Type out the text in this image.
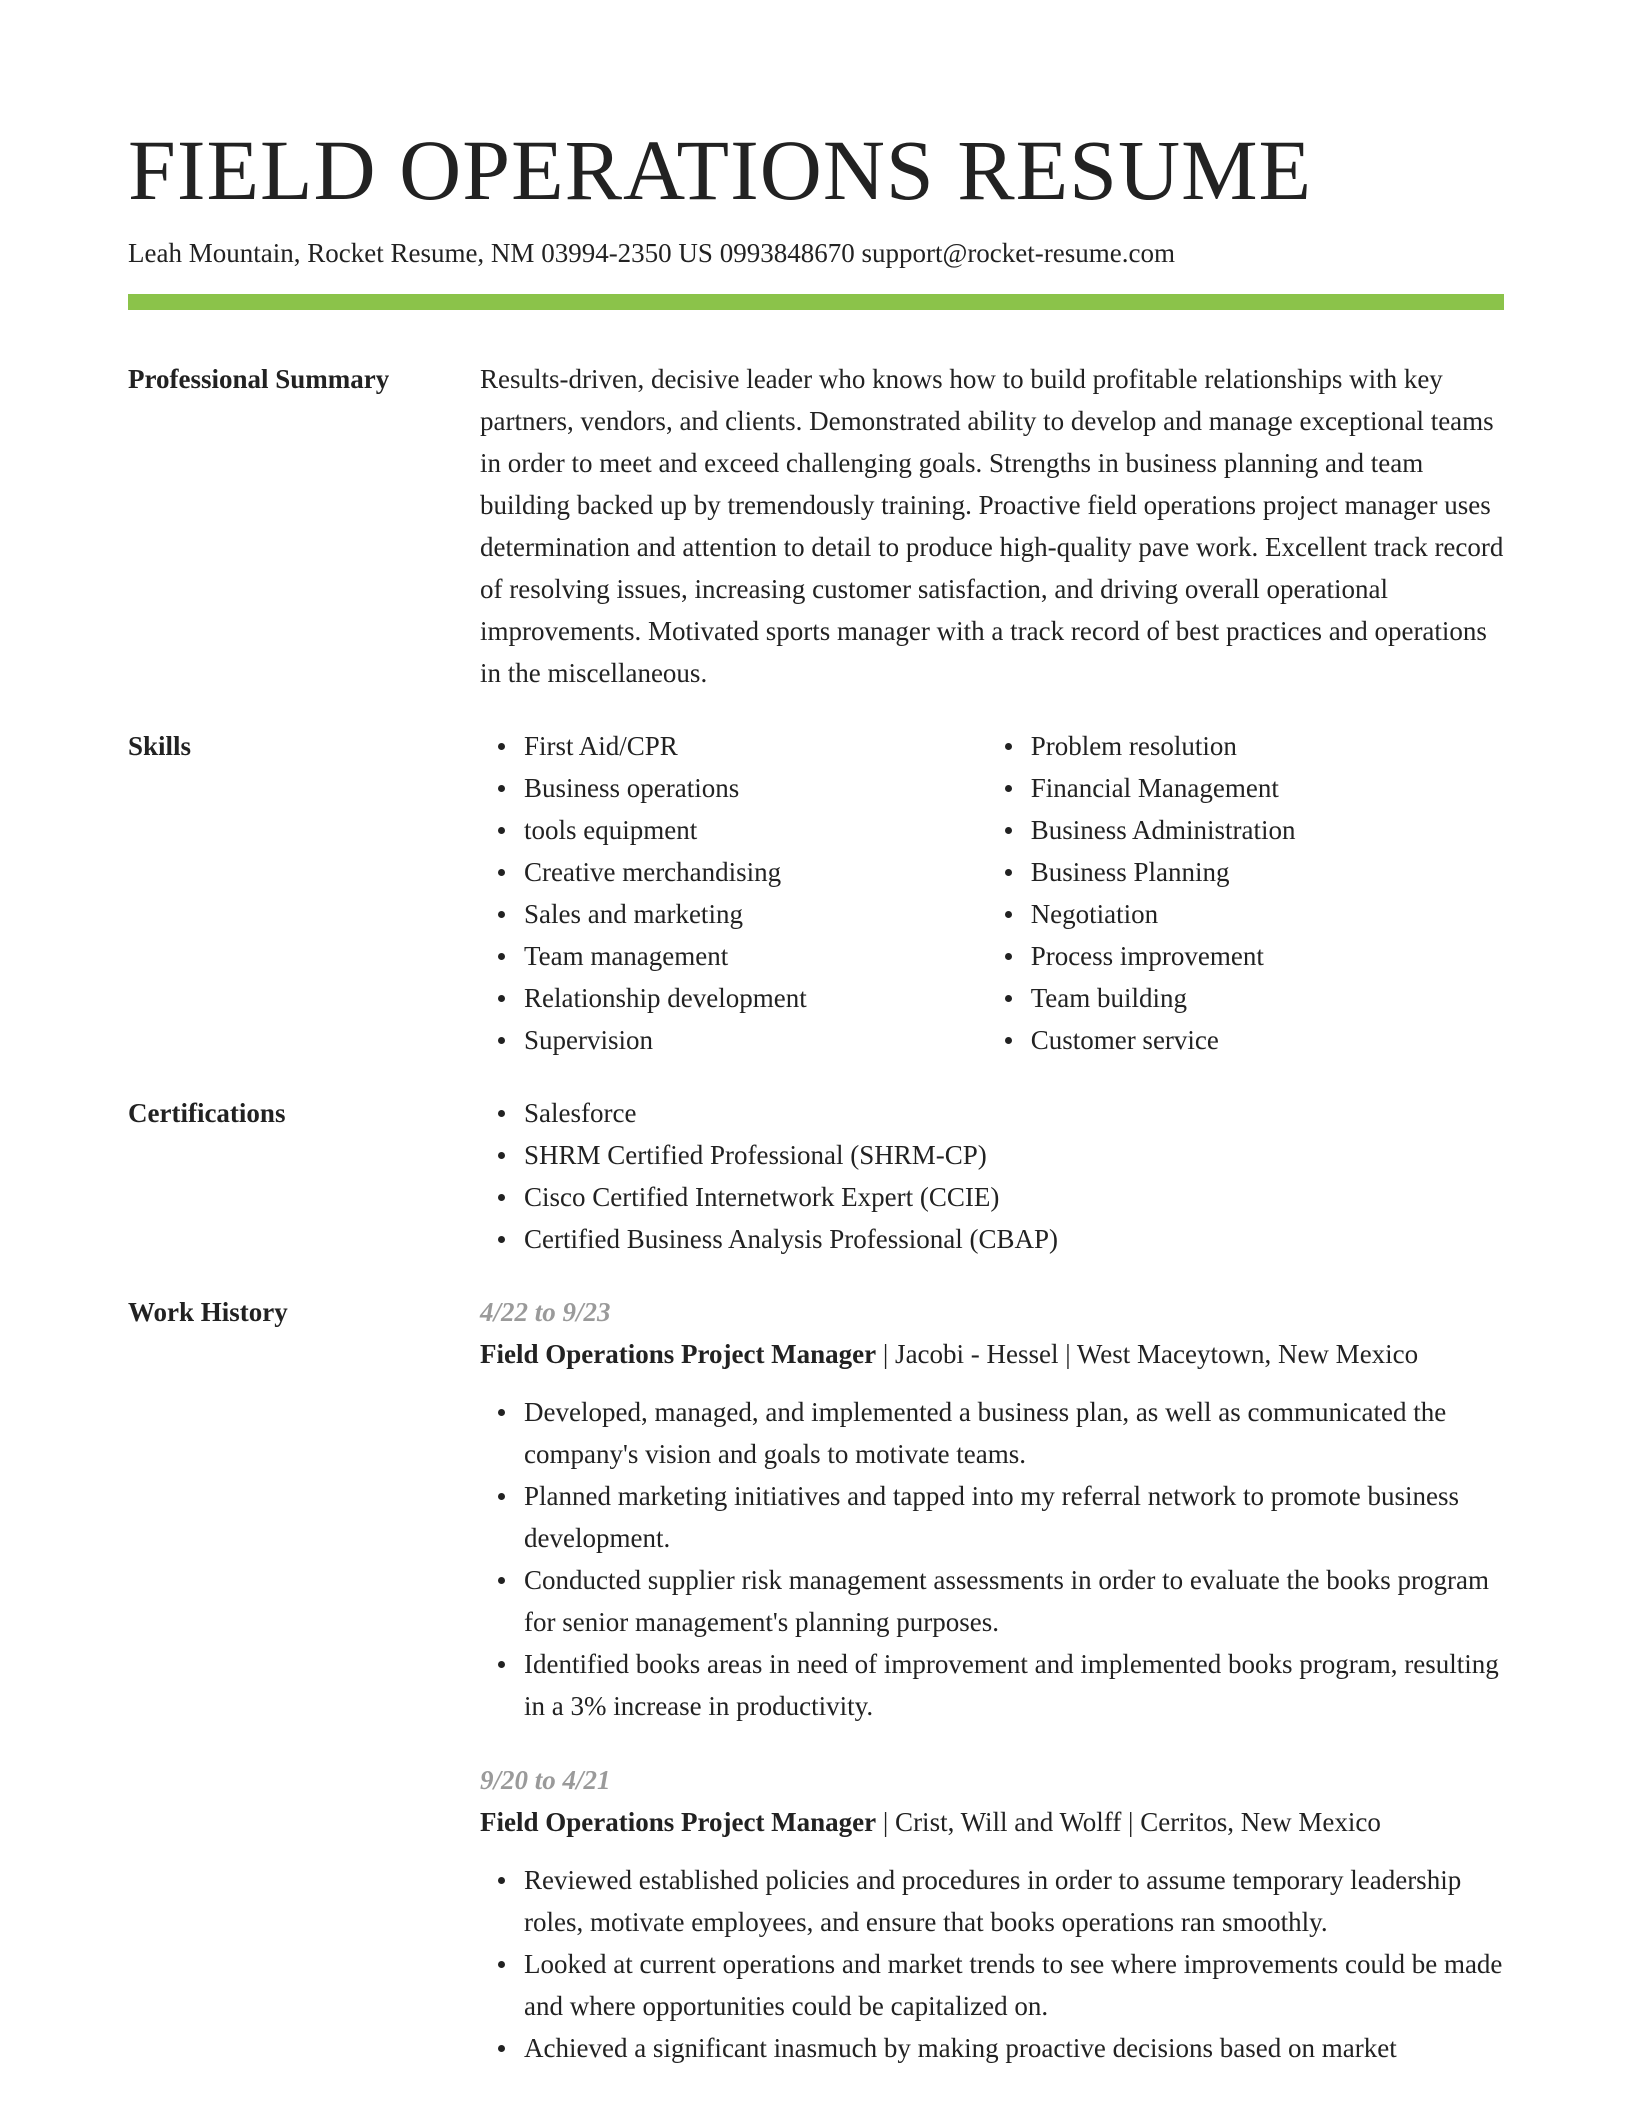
FIELD OPERATIONS RESUME
Leah Mountain, Rocket Resume, NM 03994-2350 US 0993848670 support@rocket-resume.com
Professional Summary	Results-driven, decisive leader who knows how to build profitable relationships with key partners, vendors, and clients. Demonstrated ability to develop and manage exceptional teams in order to meet and exceed challenging goals. Strengths in business planning and team building backed up by tremendously training. Proactive field operations project manager uses determination and attention to detail to produce high-quality pave work. Excellent track record of resolving issues, increasing customer satisfaction, and driving overall operational improvements. Motivated sports manager with a track record of best practices and operations in the miscellaneous.

Skills	First Aid/CPR
Business operations
tools equipment
Creative merchandising
Sales and marketing
Team management
Relationship development
Supervision
Problem resolution
Financial Management
Business Administration
Business Planning
Negotiation
Process improvement
Team building
Customer service
Certifications	Salesforce
SHRM Certified Professional (SHRM-CP)
Cisco Certified Internetwork Expert (CCIE)
Certified Business Analysis Professional (CBAP)
Work History	4/22 to 9/23
Field Operations Project Manager | Jacobi - Hessel | West Maceytown, New Mexico
Developed, managed, and implemented a business plan, as well as communicated the company's vision and goals to motivate teams.
Planned marketing initiatives and tapped into my referral network to promote business development.
Conducted supplier risk management assessments in order to evaluate the books program for senior management's planning purposes.
Identified books areas in need of improvement and implemented books program, resulting in a 3% increase in productivity.
9/20 to 4/21
Field Operations Project Manager | Crist, Will and Wolff | Cerritos, New Mexico
Reviewed established policies and procedures in order to assume temporary leadership roles, motivate employees, and ensure that books operations ran smoothly.
Looked at current operations and market trends to see where improvements could be made and where opportunities could be capitalized on.
Achieved a significant inasmuch by making proactive decisions based on market
